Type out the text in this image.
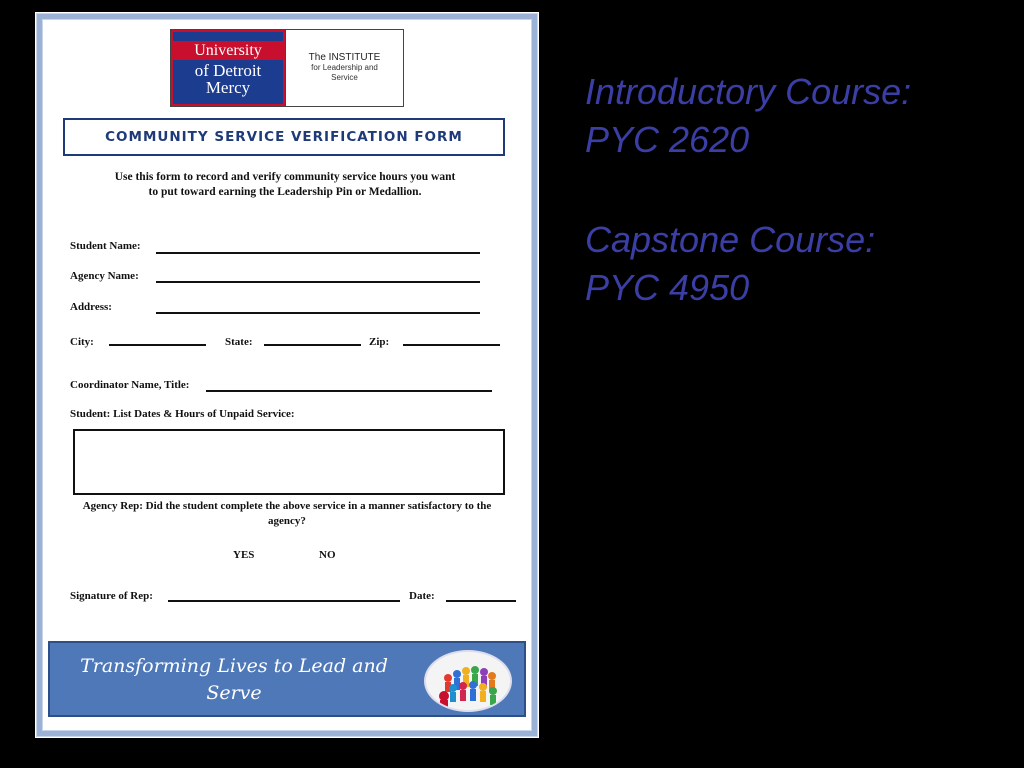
University
of Detroit
Mercy
The INSTITUTE
for Leadership and
Service
COMMUNITY SERVICE VERIFICATION FORM
Use this form to record and verify community service hours you want
to put toward earning the Leadership Pin or Medallion.
Student Name:
Agency Name:
Address:
City:	State:	Zip:
Coordinator Name, Title:
Student: List Dates & Hours of Unpaid Service:
Agency Rep: Did the student complete the above service in a manner satisfactory to the agency?
YES	NO
Signature of Rep:	Date:
Transforming Lives to Lead and Serve
Introductory Course:
PYC 2620
Capstone Course:
PYC 4950
